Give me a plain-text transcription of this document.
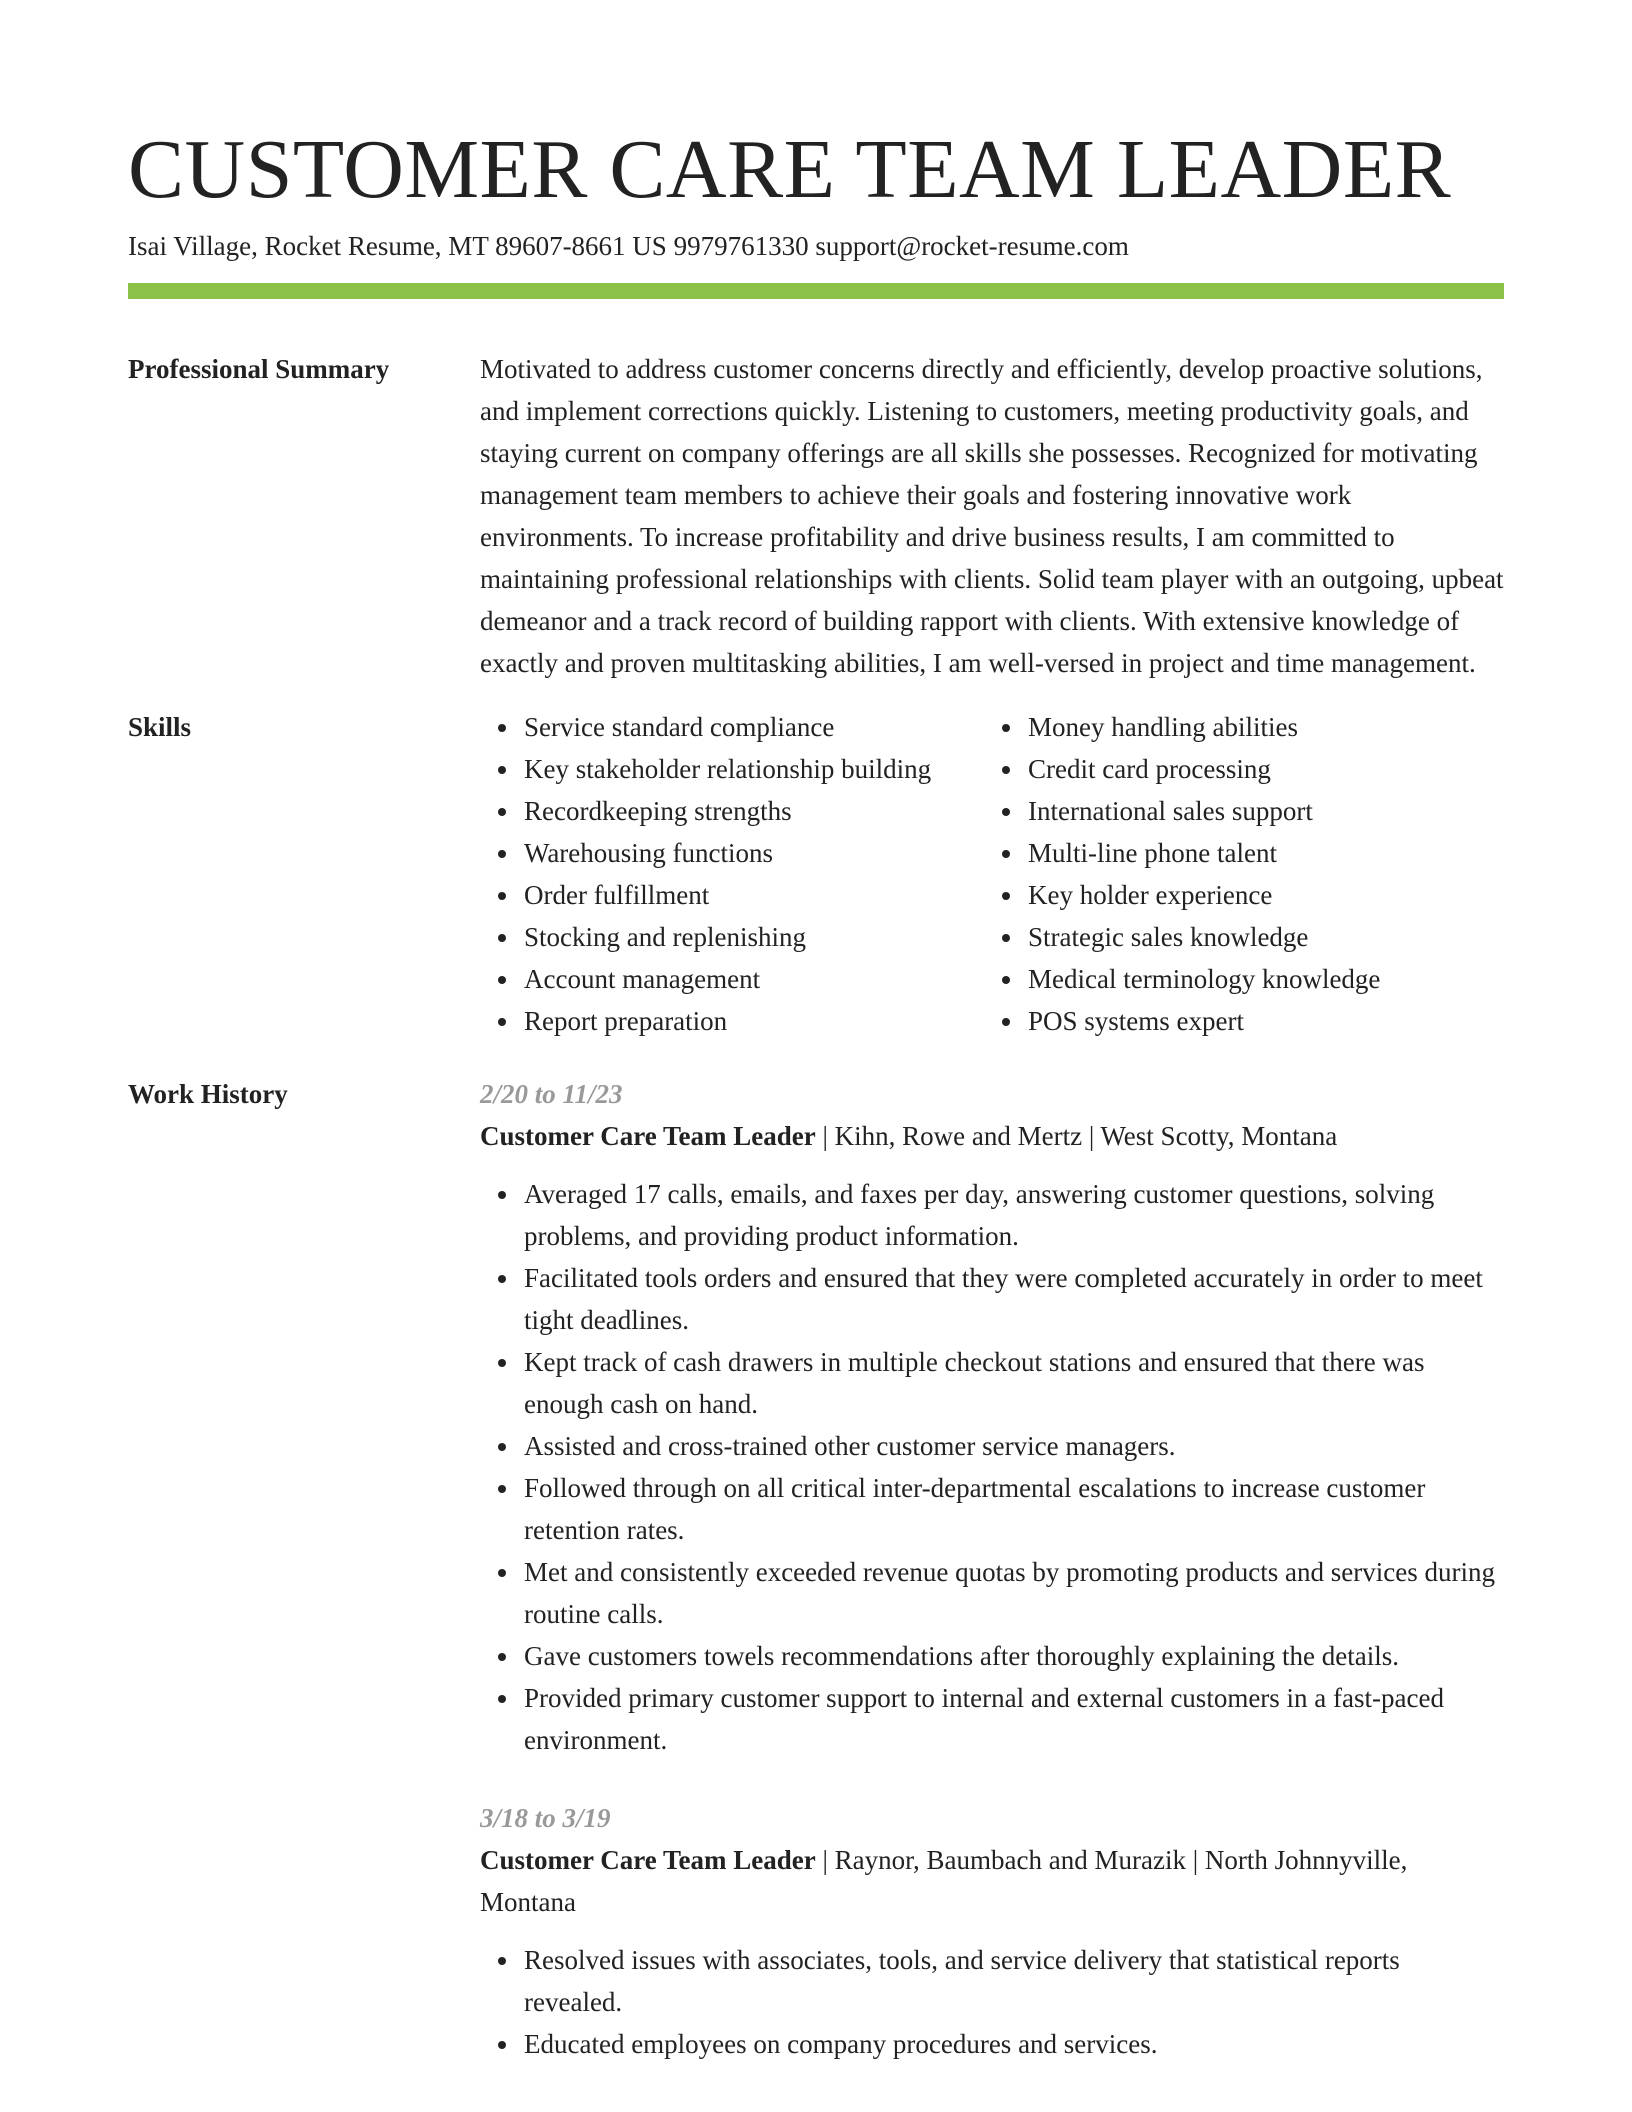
CUSTOMER CARE TEAM LEADER
Isai Village, Rocket Resume, MT 89607-8661 US 9979761330 support@rocket-resume.com
Professional Summary	Motivated to address customer concerns directly and efficiently, develop proactive solutions, and implement corrections quickly. Listening to customers, meeting productivity goals, and staying current on company offerings are all skills she possesses. Recognized for motivating management team members to achieve their goals and fostering innovative work environments. To increase profitability and drive business results, I am committed to maintaining professional relationships with clients. Solid team player with an outgoing, upbeat demeanor and a track record of building rapport with clients. With extensive knowledge of exactly and proven multitasking abilities, I am well-versed in project and time management.

Skills	Service standard compliance
Key stakeholder relationship building
Recordkeeping strengths
Warehousing functions
Order fulfillment
Stocking and replenishing
Account management
Report preparation
Money handling abilities
Credit card processing
International sales support
Multi-line phone talent
Key holder experience
Strategic sales knowledge
Medical terminology knowledge
POS systems expert
Work History	2/20 to 11/23
Customer Care Team Leader | Kihn, Rowe and Mertz | West Scotty, Montana
Averaged 17 calls, emails, and faxes per day, answering customer questions, solving problems, and providing product information.
Facilitated tools orders and ensured that they were completed accurately in order to meet tight deadlines.
Kept track of cash drawers in multiple checkout stations and ensured that there was enough cash on hand.
Assisted and cross-trained other customer service managers.
Followed through on all critical inter-departmental escalations to increase customer retention rates.
Met and consistently exceeded revenue quotas by promoting products and services during routine calls.
Gave customers towels recommendations after thoroughly explaining the details.
Provided primary customer support to internal and external customers in a fast-paced environment.
3/18 to 3/19
Customer Care Team Leader | Raynor, Baumbach and Murazik | North Johnnyville, Montana
Resolved issues with associates, tools, and service delivery that statistical reports revealed.
Educated employees on company procedures and services.
